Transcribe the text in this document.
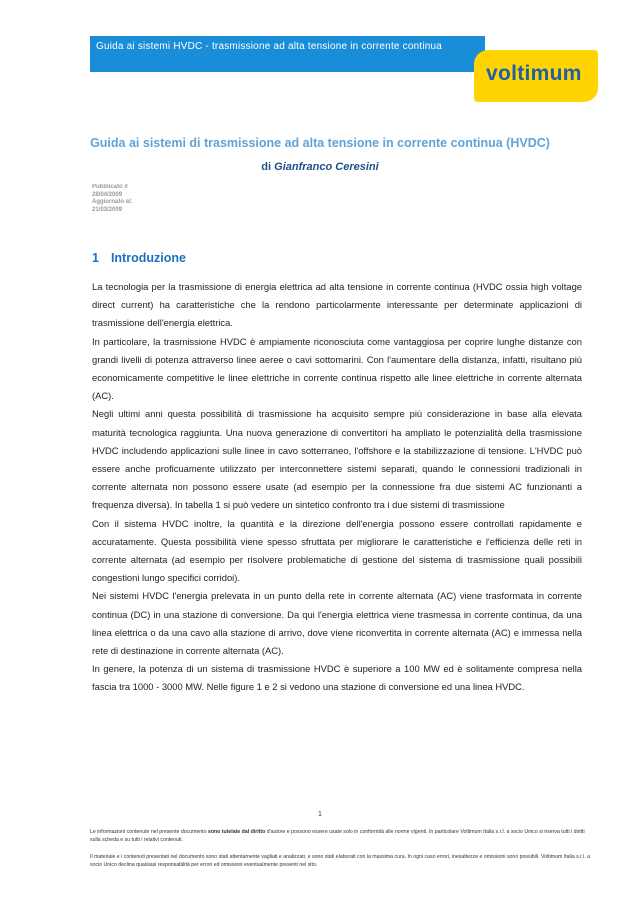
Guida ai sistemi HVDC - trasmissione ad alta tensione in corrente continua
voltimum
Guida ai sistemi di trasmissione ad alta tensione in corrente continua (HVDC)
di Gianfranco Ceresini
Pubblicato il
28/04/2009
Aggiornato al:
21/03/2009
1 Introduzione

La tecnologia per la trasmissione di energia elettrica ad alta tensione in corrente continua (HVDC ossia high voltage direct current) ha caratteristiche che la rendono particolarmente interessante per determinate applicazioni di trasmissione dell'energia elettrica.

In particolare, la trasmissione HVDC è ampiamente riconosciuta come vantaggiosa per coprire lunghe distanze con grandi livelli di potenza attraverso linee aeree o cavi sottomarini. Con l'aumentare della distanza, infatti, risultano più economicamente competitive le linee elettriche in corrente continua rispetto alle linee elettriche in corrente alternata (AC).

Negli ultimi anni questa possibilità di trasmissione ha acquisito sempre più considerazione in base alla elevata maturità tecnologica raggiunta. Una nuova generazione di convertitori ha ampliato le potenzialità della trasmissione HVDC includendo applicazioni sulle linee in cavo sotterraneo, l'offshore e la stabilizzazione di tensione. L'HVDC può essere anche proficuamente utilizzato per interconnettere sistemi separati, quando le connessioni tradizionali in corrente alternata non possono essere usate (ad esempio per la connessione fra due sistemi AC funzionanti a frequenza diversa). In tabella 1 si può vedere un sintetico confronto tra i due sistemi di trasmissione

Con il sistema HVDC inoltre, la quantità e la direzione dell'energia possono essere controllati rapidamente e accuratamente. Questa possibilità viene spesso sfruttata per migliorare le caratteristiche e l'efficienza delle reti in corrente alternata (ad esempio per risolvere problematiche di gestione del sistema di trasmissione quali possibili congestioni lungo specifici corridoi).

Nei sistemi HVDC l'energia prelevata in un punto della rete in corrente alternata (AC) viene trasformata in corrente continua (DC) in una stazione di conversione. Da qui l'energia elettrica viene trasmessa in corrente continua, da una linea elettrica o da una cavo alla stazione di arrivo, dove viene riconvertita in corrente alternata (AC) e immessa nella rete di destinazione in corrente alternata (AC).

In genere, la potenza di un sistema di trasmissione HVDC è superiore a 100 MW ed è solitamente compresa nella fascia tra 1000 - 3000 MW. Nelle figure 1 e 2 si vedono una stazione di conversione ed una linea HVDC.

1
Le informazioni contenute nel presente documento sono tutelate dal diritto d'autore e possono essere usate solo in conformità alle norme vigenti. In particolare Voltimum Italia s.r.l. a socio Unico si riserva tutti i diritti sulla scheda e su tutti i relativi contenuti.
Il materiale e i contenuti presentati nel documento sono stati attentamente vagliati e analizzati, e sono stati elaborati con la massima cura. In ogni caso errori, inesattezze e omissioni sono possibili. Voltimum Italia s.r.l. a socio Unico declina qualsiasi responsabilità per errori ed omissioni eventualmente presenti nel sito.
